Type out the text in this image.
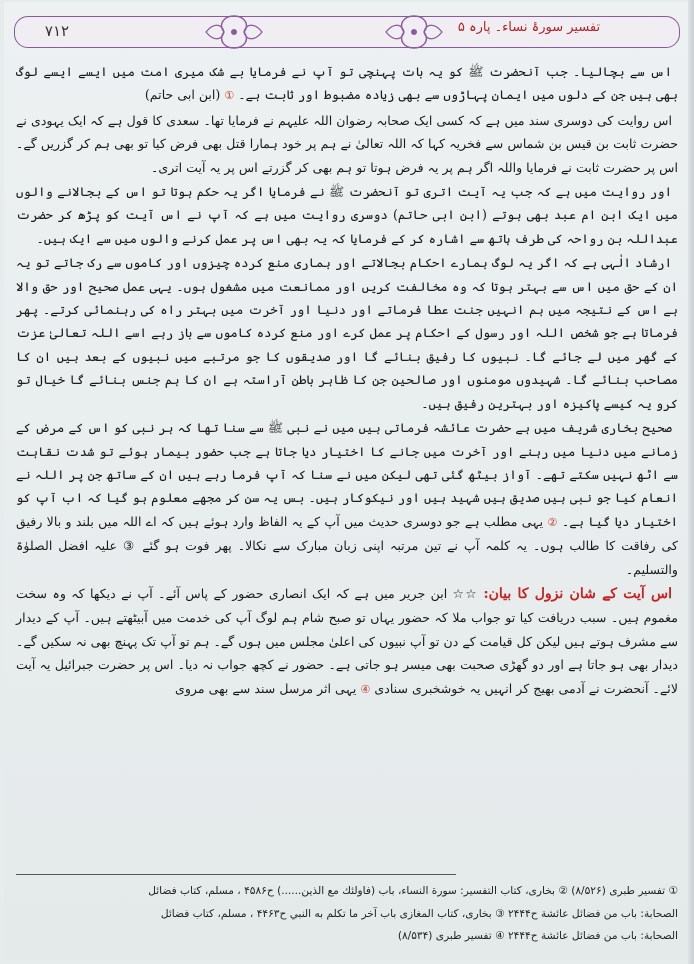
۷۱۲	تفسیر سورۂ نساء۔ پارہ ۵

اس سے بچالیا۔ جب آنحضرت ﷺ کو یہ بات پہنچی تو آپ نے فرمایا بے شک میری امت میں ایسے ایسے لوگ بھی ہیں جن کے دلوں میں ایمان پہاڑوں سے بھی زیادہ مضبوط اور ثابت ہے۔ ① (ابن ابی حاتم)

اس روایت کی دوسری سند میں ہے کہ کسی ایک صحابہ رضوان اللہ علیہم نے فرمایا تھا۔ سعدی کا قول ہے کہ ایک یہودی نے حضرت ثابت بن قیس بن شماس سے فخریہ کہا کہ اللہ تعالیٰ نے ہم پر خود ہمارا قتل بھی فرض کیا تو بھی ہم کر گزریں گے۔ اس پر حضرت ثابت نے فرمایا واللہ اگر ہم پر یہ فرض ہوتا تو ہم بھی کر گزرتے اس پر یہ آیت اتری۔

اور روایت میں ہے کہ جب یہ آیت اتری تو آنحضرت ﷺ نے فرمایا اگر یہ حکم ہوتا تو اس کے بجالانے والوں میں ایک ابن ام عبد بھی ہوتے (ابن ابی حاتم) دوسری روایت میں ہے کہ آپ نے اس آیت کو پڑھ کر حضرت عبداللہ بن رواحہ کی طرف ہاتھ سے اشارہ کر کے فرمایا کہ یہ بھی اس پر عمل کرنے والوں میں سے ایک ہیں۔

ارشاد الٰہی ہے کہ اگر یہ لوگ ہمارے احکام بجالاتے اور ہماری منع کردہ چیزوں اور کاموں سے رک جاتے تو یہ ان کے حق میں اس سے بہتر ہوتا کہ وہ مخالفت کریں اور ممانعت میں مشغول ہوں۔ یہی عمل صحیح اور حق والا ہے اس کے نتیجہ میں ہم انہیں جنت عطا فرماتے اور دنیا اور آخرت میں بہتر راہ کی رہنمائی کرتے۔ پھر فرماتا ہے جو شخص اللہ اور رسول کے احکام پر عمل کرے اور منع کردہ کاموں سے باز رہے اسے اللہ تعالیٰ عزت کے گھر میں لے جائے گا۔ نبیوں کا رفیق بنائے گا اور صدیقوں کا جو مرتبے میں نبیوں کے بعد ہیں ان کا مصاحب بنائے گا۔ شہیدوں مومنوں اور صالحین جن کا ظاہر باطن آراستہ ہے ان کا ہم جنس بنائے گا خیال تو کرو یہ کیسے پاکیزہ اور بہترین رفیق ہیں۔

صحیح بخاری شریف میں ہے حضرت عائشہ فرماتی ہیں میں نے نبی ﷺ سے سنا تھا کہ ہر نبی کو اس کے مرض کے زمانے میں دنیا میں رہنے اور آخرت میں جانے کا اختیار دیا جاتا ہے جب حضور بیمار ہوئے تو شدت نقاہت سے اٹھ نہیں سکتے تھے۔ آواز بیٹھ گئی تھی لیکن میں نے سنا کہ آپ فرما رہے ہیں ان کے ساتھ جن پر اللہ نے انعام کیا جو نبی ہیں صدیق ہیں شہید ہیں اور نیکوکار ہیں۔ بس یہ سن کر مجھے معلوم ہو گیا کہ اب آپ کو اختیار دیا گیا ہے۔ ② یہی مطلب ہے جو دوسری حدیث میں آپ کے یہ الفاظ وارد ہوئے ہیں کہ اے اللہ میں بلند و بالا رفیق کی رفاقت کا طالب ہوں۔ یہ کلمہ آپ نے تین مرتبہ اپنی زبان مبارک سے نکالا۔ پھر فوت ہو گئے ③ علیہ افضل الصلوٰۃ والتسلیم۔

اس آیت کے شان نزول کا بیان: ☆☆ ابن جریر میں ہے کہ ایک انصاری حضور کے پاس آئے۔ آپ نے دیکھا کہ وہ سخت مغموم ہیں۔ سبب دریافت کیا تو جواب ملا کہ حضور یہاں تو صبح شام ہم لوگ آپ کی خدمت میں آبیٹھتے ہیں۔ آپ کے دیدار سے مشرف ہوتے ہیں لیکن کل قیامت کے دن تو آپ نبیوں کی اعلیٰ مجلس میں ہوں گے۔ ہم تو آپ تک پہنچ بھی نہ سکیں گے۔ دیدار بھی ہو جاتا ہے اور دو گھڑی صحبت بھی میسر ہو جاتی ہے۔ حضور نے کچھ جواب نہ دیا۔ اس پر حضرت جبرائیل یہ آیت لائے۔ آنحضرت نے آدمی بھیج کر انہیں یہ خوشخبری سنادی ④ یہی اثر مرسل سند سے بھی مروی

① تفسیر طبری (۸/۵۲۶) ② بخاری، کتاب التفسیر: سورة النساء، باب (فاولئك مع الذين......) ح۴۵۸۶ ، مسلم، کتاب فضائل
الصحابة: باب من فضائل عائشة ح۲۴۴۴ ③ بخاری، کتاب المغازی باب آخر ما تكلم به النبي ح۴۴۶۳ ، مسلم، کتاب فضائل
الصحابة: باب من فضائل عائشة ح۲۴۴۴ ④ تفسیر طبری (۸/۵۳۴)
